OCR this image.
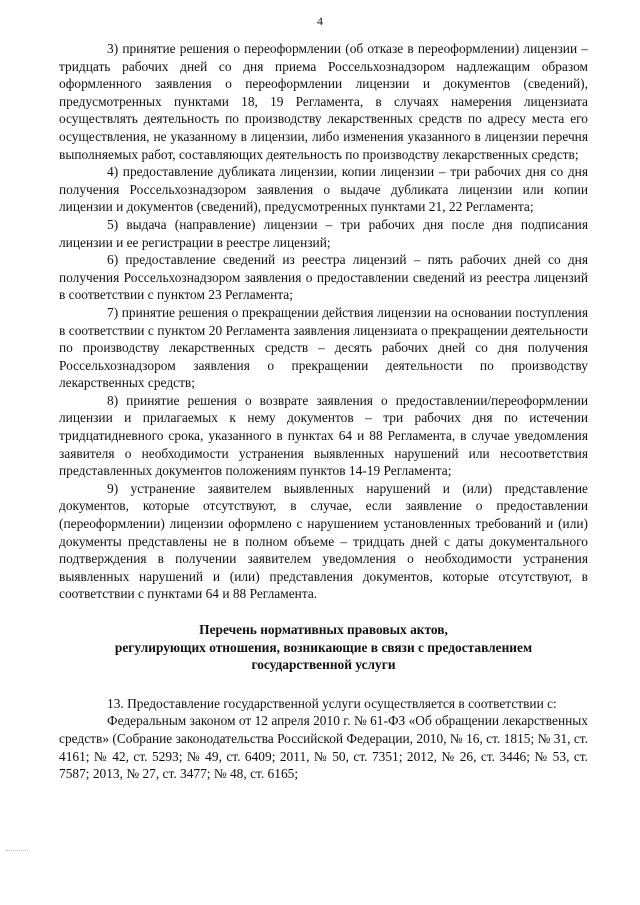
4

3) принятие решения о переоформлении (об отказе в переоформлении) лицензии – тридцать рабочих дней со дня приема Россельхознадзором надлежащим образом оформленного заявления о переоформлении лицензии и документов (сведений), предусмотренных пунктами 18, 19 Регламента, в случаях намерения лицензиата осуществлять деятельность по производству лекарственных средств по адресу места его осуществления, не указанному в лицензии, либо изменения указанного в лицензии перечня выполняемых работ, составляющих деятельность по производству лекарственных средств;

4) предоставление дубликата лицензии, копии лицензии – три рабочих дня со дня получения Россельхознадзором заявления о выдаче дубликата лицензии или копии лицензии и документов (сведений), предусмотренных пунктами 21, 22 Регламента;

5) выдача (направление) лицензии – три рабочих дня после дня подписания лицензии и ее регистрации в реестре лицензий;

6) предоставление сведений из реестра лицензий – пять рабочих дней со дня получения Россельхознадзором заявления о предоставлении сведений из реестра лицензий в соответствии с пунктом 23 Регламента;

7) принятие решения о прекращении действия лицензии на основании поступления в соответствии с пунктом 20 Регламента заявления лицензиата о прекращении деятельности по производству лекарственных средств – десять рабочих дней со дня получения Россельхознадзором заявления о прекращении деятельности по производству лекарственных средств;

8) принятие решения о возврате заявления о предоставлении/переоформлении лицензии и прилагаемых к нему документов – три рабочих дня по истечении тридцатидневного срока, указанного в пунктах 64 и 88 Регламента, в случае уведомления заявителя о необходимости устранения выявленных нарушений или несоответствия представленных документов положениям пунктов 14-19 Регламента;

9) устранение заявителем выявленных нарушений и (или) представление документов, которые отсутствуют, в случае, если заявление о предоставлении (переоформлении) лицензии оформлено с нарушением установленных требований и (или) документы представлены не в полном объеме – тридцать дней с даты документального подтверждения в получении заявителем уведомления о необходимости устранения выявленных нарушений и (или) представления документов, которые отсутствуют, в соответствии с пунктами 64 и 88 Регламента.

Перечень нормативных правовых актов,
регулирующих отношения, возникающие в связи с предоставлением
государственной услуги

13. Предоставление государственной услуги осуществляется в соответствии с:

Федеральным законом от 12 апреля 2010 г. № 61-ФЗ «Об обращении лекарственных средств» (Собрание законодательства Российской Федерации, 2010, № 16, ст. 1815; № 31, ст. 4161; № 42, ст. 5293; № 49, ст. 6409; 2011, № 50, ст. 7351; 2012, № 26, ст. 3446; № 53, ст. 7587; 2013, № 27, ст. 3477; № 48, ст. 6165;
